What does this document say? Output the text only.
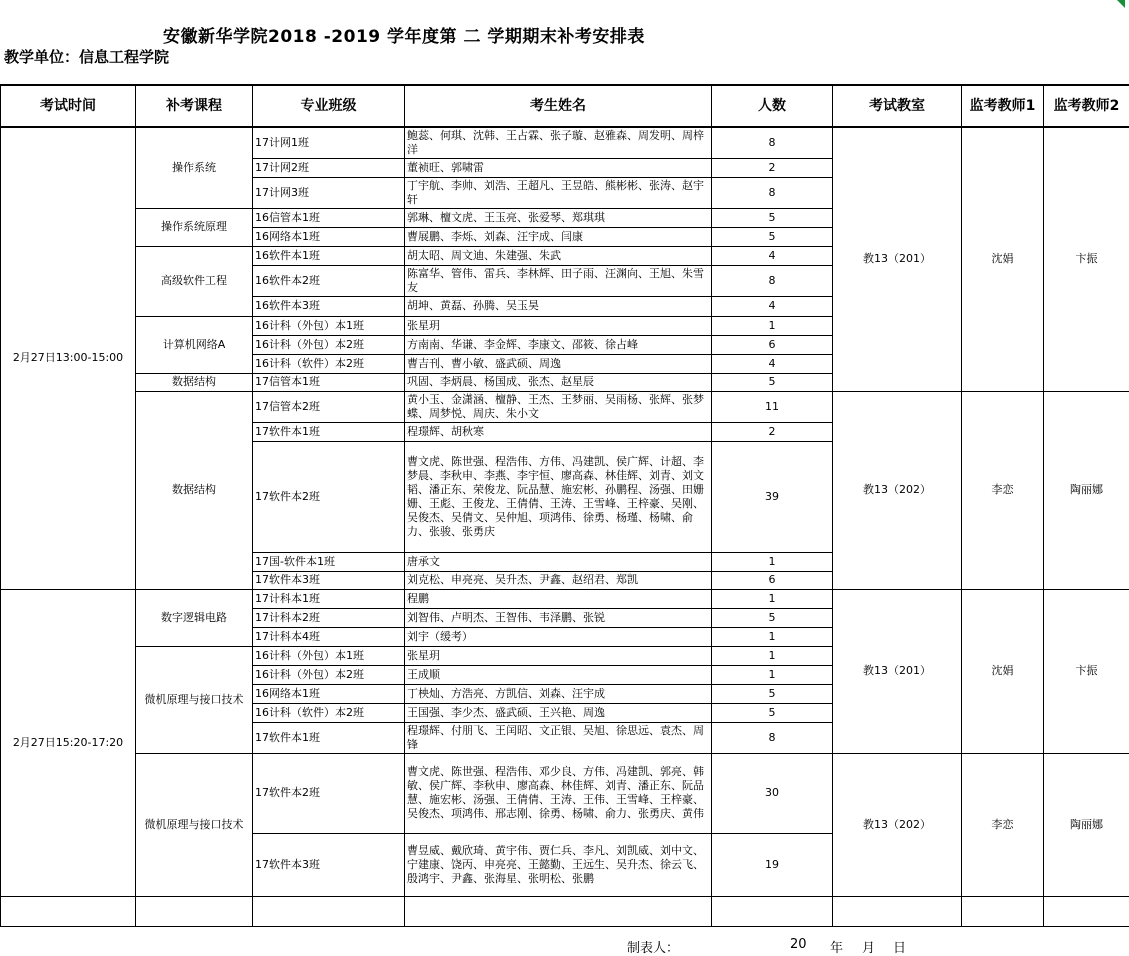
安徽新华学院2018 -2019 学年度第 二 学期期末补考安排表
教学单位：信息工程学院
考试时间	补考课程	专业班级	考生姓名	人数	考试教室	监考教师1	监考教师2
2月27日13:00-15:00	操作系统	17计网1班	鲍蕊、何琪、沈韩、王占霖、张子璇、赵雅森、周发明、周梓洋	8	教13（201）	沈娟	卞振
		17计网2班	董祯旺、郭啸雷	2			
		17计网3班	丁宇航、李帅、刘浩、王超凡、王昱皓、熊彬彬、张涛、赵宇轩	8			
	操作系统原理	16信管本1班	郭琳、檀文虎、王玉亮、张爱琴、郑琪琪	5			
		16网络本1班	曹展鹏、李烁、刘森、汪宇成、闫康	5			
	高级软件工程	16软件本1班	胡太昭、周文迪、朱建强、朱武	4			
		16软件本2班	陈富华、管伟、雷兵、李林辉、田子雨、汪渊向、王旭、朱雪友	8			
		16软件本3班	胡坤、黄磊、孙腾、吴玉昊	4			
	计算机网络A	16计科（外包）本1班	张星玥	1			
		16计科（外包）本2班	方南南、华谦、李金辉、李康文、邵筱、徐占峰	6			
		16计科（软件）本2班	曹吉刊、曹小敏、盛武硕、周逸	4			
	数据结构	17信管本1班	巩固、李炳晨、杨国成、张杰、赵星辰	5			
	数据结构	17信管本2班	黄小玉、金潇涵、檀静、王杰、王梦丽、吴雨杨、张辉、张梦蝶、周梦悦、周庆、朱小文	11	教13（202）	李恋	陶丽娜
		17软件本1班	程璟辉、胡秋寒	2			
		17软件本2班	曹文虎、陈世强、程浩伟、方伟、冯建凯、侯广辉、计超、李梦晨、李秋申、李燕、李宇恒、廖高森、林佳辉、刘青、刘文韬、潘正东、荣俊龙、阮品慧、施宏彬、孙鹏程、汤强、田姗姗、王彪、王俊龙、王倩倩、王涛、王雪峰、王梓豪、吴刚、吴俊杰、吴倩文、吴仲旭、项鸿伟、徐勇、杨瑾、杨啸、俞力、张骏、张勇庆	39			
		17国-软件本1班	唐承文	1			
		17软件本3班	刘克松、申亮亮、吴升杰、尹鑫、赵绍君、郑凯	6			
2月27日15:20-17:20	数字逻辑电路	17计科本1班	程鹏	1	教13（201）	沈娟	卞振
		17计科本2班	刘智伟、卢明杰、王智伟、韦泽鹏、张锐	5			
		17计科本4班	刘宇（缓考）	1			
	微机原理与接口技术	16计科（外包）本1班	张星玥	1			
		16计科（外包）本2班	王成顺	1			
		16网络本1班	丁柍灿、方浩亮、方凯信、刘森、汪宇成	5			
		16计科（软件）本2班	王国强、李少杰、盛武硕、王兴艳、周逸	5			
		17软件本1班	程璟辉、付朋飞、王闰昭、文正银、吴旭、徐思远、袁杰、周锋	8			
	微机原理与接口技术	17软件本2班	曹文虎、陈世强、程浩伟、邓少良、方伟、冯建凯、郭亮、韩敏、侯广辉、李秋申、廖高森、林佳辉、刘青、潘正东、阮品慧、施宏彬、汤强、王倩倩、王涛、王伟、王雪峰、王梓豪、吴俊杰、项鸿伟、邢志刚、徐勇、杨啸、俞力、张勇庆、黄伟	30	教13（202）	李恋	陶丽娜
		17软件本3班	曹昱威、戴欣琦、黄宇伟、贾仁兵、李凡、刘凯威、刘中文、宁建康、饶丙、申亮亮、王懿勤、王远生、吴升杰、徐云飞、殷鸿宇、尹鑫、张海星、张明松、张鹏	19			

制表人：	20 年 月 日
